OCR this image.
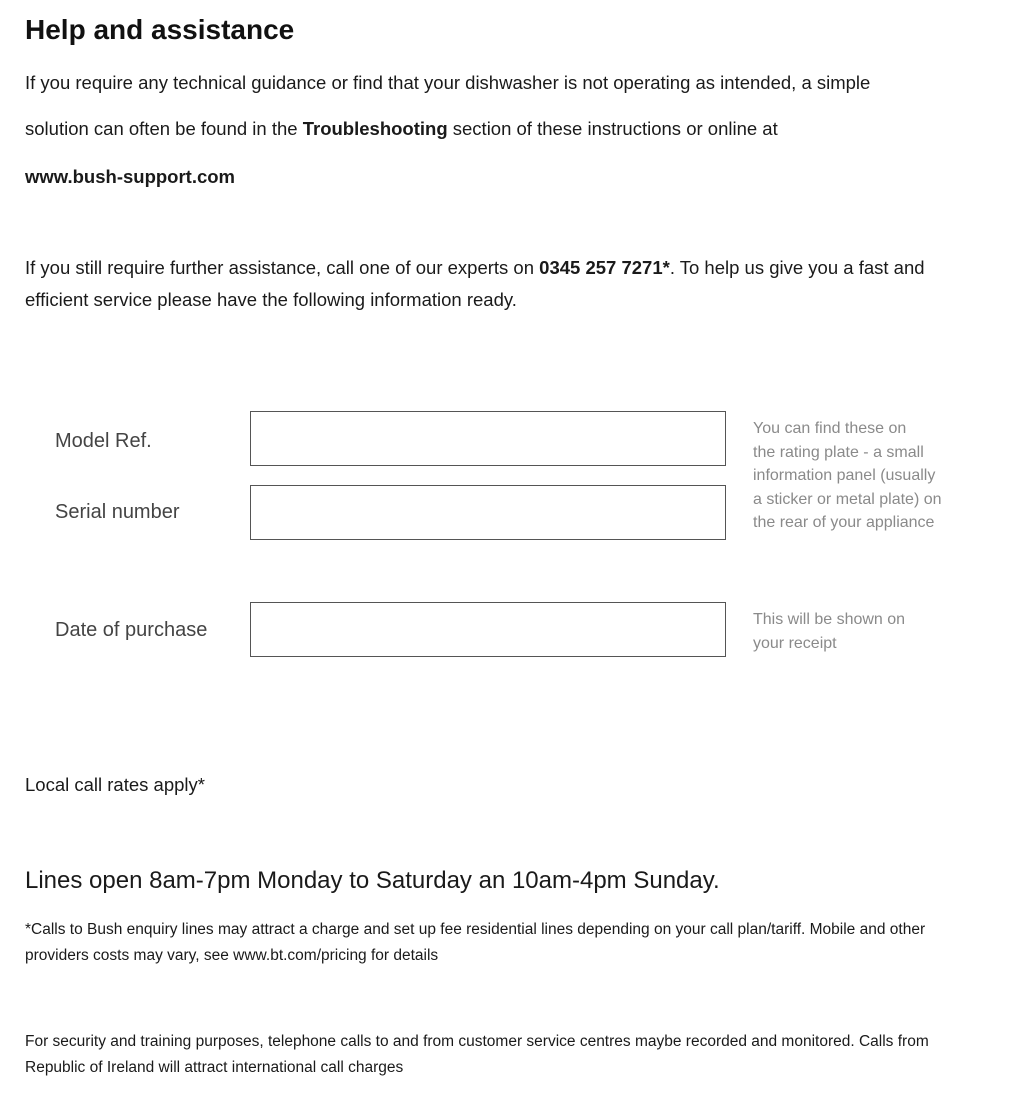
Help and assistance
If you require any technical guidance or find that your dishwasher is not operating as intended, a simple
solution can often be found in the Troubleshooting section of these instructions or online at
www.bush-support.com
If you still require further assistance, call one of our experts on 0345 257 7271*. To help us give you a fast and
efficient service please have the following information ready.
Model Ref.
Serial number
You can find these on
the rating plate - a small
information panel (usually
a sticker or metal plate) on
the rear of your appliance
Date of purchase	This will be shown on
your receipt
Local call rates apply*
Lines open 8am-7pm Monday to Saturday an 10am-4pm Sunday.
*Calls to Bush enquiry lines may attract a charge and set up fee residential lines depending on your call plan/tariff. Mobile and other
providers costs may vary, see www.bt.com/pricing for details
For security and training purposes, telephone calls to and from customer service centres maybe recorded and monitored. Calls from
Republic of Ireland will attract international call charges
